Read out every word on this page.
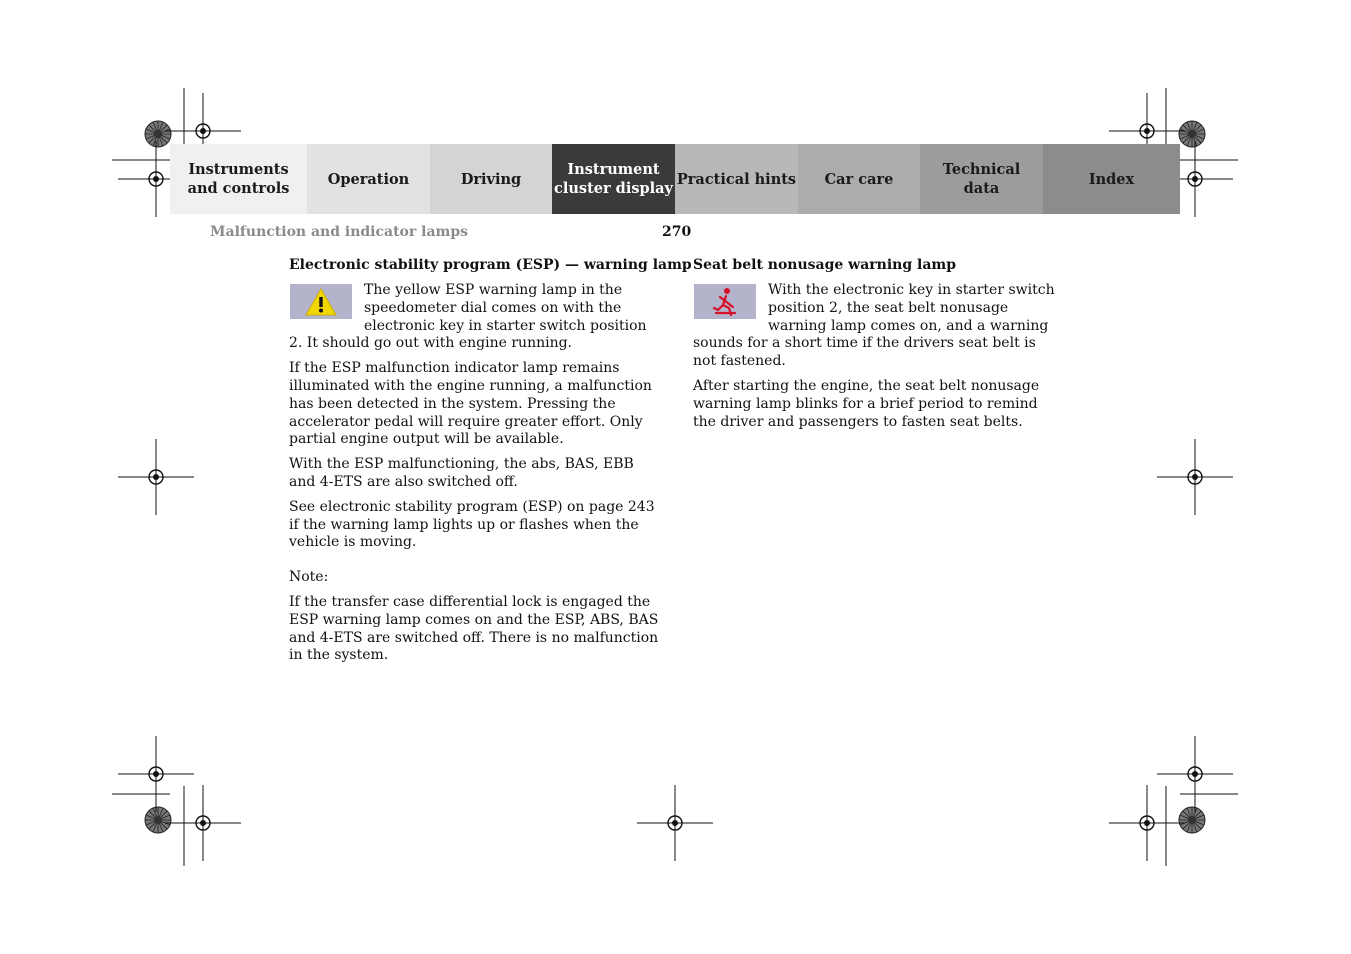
Instruments
and controls
Operation	Driving
Instrument
cluster display
Practical hints	Car care
Technical
data
Index
Malfunction and indicator lamps	270
Electronic stability program (ESP) — warning lamp

The yellow ESP warning lamp in the speedometer dial comes on with the electronic key in starter switch position 2. It should go out with engine running.

If the ESP malfunction indicator lamp remains illuminated with the engine running, a malfunction has been detected in the system. Pressing the accelerator pedal will require greater effort. Only partial engine output will be available.

With the ESP malfunctioning, the abs, BAS, EBB and 4-ETS are also switched off.

See electronic stability program (ESP) on page 243 if the warning lamp lights up or flashes when the vehicle is moving.

Note:

If the transfer case differential lock is engaged the ESP warning lamp comes on and the ESP, ABS, BAS and 4-ETS are switched off. There is no malfunction in the system.

Seat belt nonusage warning lamp

With the electronic key in starter switch position 2, the seat belt nonusage warning lamp comes on, and a warning sounds for a short time if the drivers seat belt is not fastened.

After starting the engine, the seat belt nonusage warning lamp blinks for a brief period to remind the driver and passengers to fasten seat belts.
